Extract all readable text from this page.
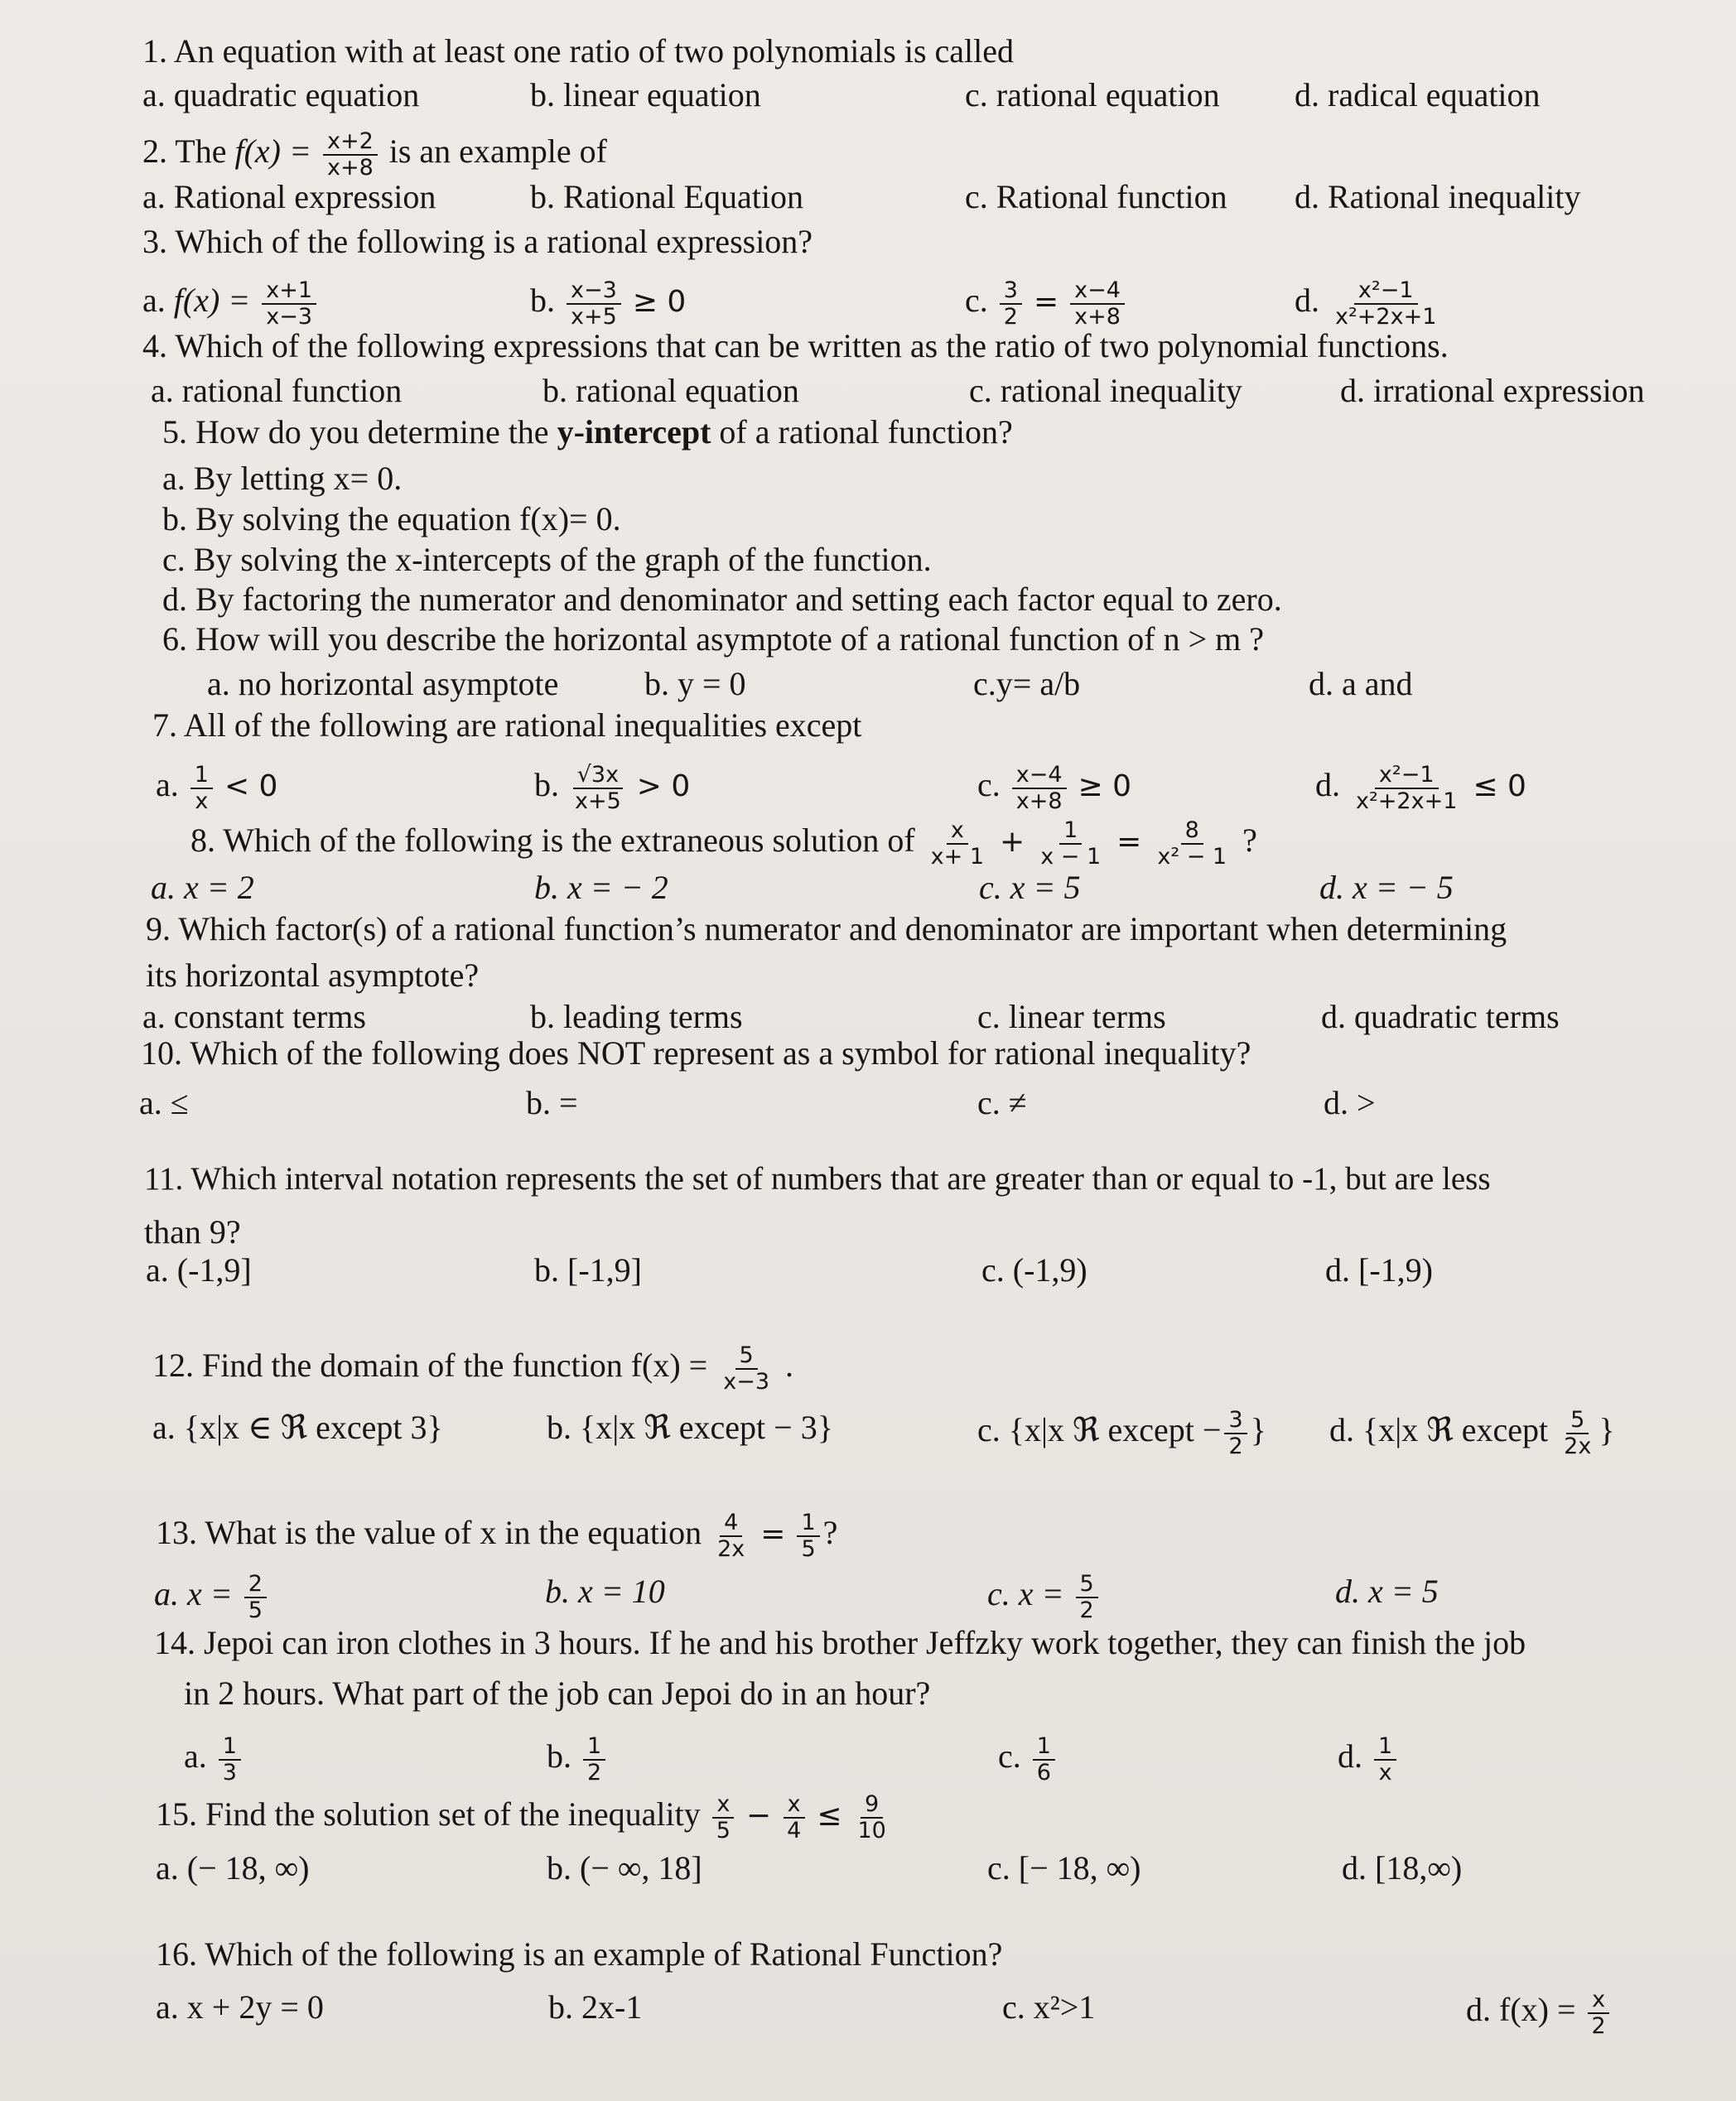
1. An equation with at least one ratio of two polynomials is called
a. quadratic equation	b. linear equation	c. rational equation d. radical equation
2. The $f(x) = \frac{x+2}{x+8}$ is an example of
a. Rational expression	b. Rational Equation	c. Rational function d. Rational inequality
3. Which of the following is a rational expression?
a. $f(x) = \frac{x+1}{x-3}$	b. $\frac{x-3}{x+5} \ge 0$	c. $\frac{3}{2} = \frac{x-4}{x+8}$	d. $\frac{\text{x²−1}}{\text{x²+2x+1}}$
4. Which of the following expressions that can be written as the ratio of two polynomial functions.
a. rational function	b. rational equation	c. rational inequality	d. irrational expression
5. How do you determine the y-intercept of a rational function?
a. By letting x= 0.
b. By solving the equation f(x)= 0.
c. By solving the x-intercepts of the graph of the function.
d. By factoring the numerator and denominator and setting each factor equal to zero.
6. How will you describe the horizontal asymptote of a rational function of n > m ?
a. no horizontal asymptote	b. y = 0	c.y= a/b	d. a and
7. All of the following are rational inequalities except
a. $\frac{1}{x} < 0$	b. $\frac{√3x}{x+5} > 0$	c. $\frac{x-4}{x+8} \ge 0$	d. $\frac{\text{x²−1}}{\text{x²+2x+1}} \le 0$
8. Which of the following is the extraneous solution of $\frac{x}{x+ 1} + \frac{1}{x - 1} = \frac{8}{\text{x² − 1}}$ ?
a. x = 2	b. x = − 2	c. x = 5	d. x = − 5
9. Which factor(s) of a rational function’s numerator and denominator are important when determining
its horizontal asymptote?
a. constant terms	b. leading terms	c. linear terms	d. quadratic terms
10. Which of the following does NOT represent as a symbol for rational inequality?
a. ≤	b. =	c. ≠	d. >
11. Which interval notation represents the set of numbers that are greater than or equal to -1, but are less
than 9?
a. (-1,9]	b. [-1,9]	c. (-1,9)	d. [-1,9)
12. Find the domain of the function $f(x) = \frac{5}{x-3}$ .
a. {x|x ∈ ℜ except 3}	b. {x|x ℜ except − 3}	c. {x|x ℜ except − $\frac{3}{2}$ } d. {x|x ℜ except $\frac{5}{2x}$ }
13. What is the value of x in the equation $\frac{4}{2x} = \frac{1}{5}$ ?
a. $x = \frac{2}{5}$	b. x = 10	c. $x = \frac{5}{2}$	d. x = 5
14. Jepoi can iron clothes in 3 hours. If he and his brother Jeffzky work together, they can finish the job
in 2 hours. What part of the job can Jepoi do in an hour?
a. $\frac{1}{3}$	b. $\frac{1}{2}$	c. $\frac{1}{6}$	d. $\frac{1}{x}$
15. Find the solution set of the inequality $\frac{x}{5} - \frac{x}{4} \le \frac{9}{10}$
a. (− 18, ∞)	b. (− ∞, 18]	c. [− 18, ∞)	d. [18,∞)
16. Which of the following is an example of Rational Function?
a. x + 2y = 0	b. 2x-1	c. x²>1	d. $f(x) = \frac{x}{2}$
